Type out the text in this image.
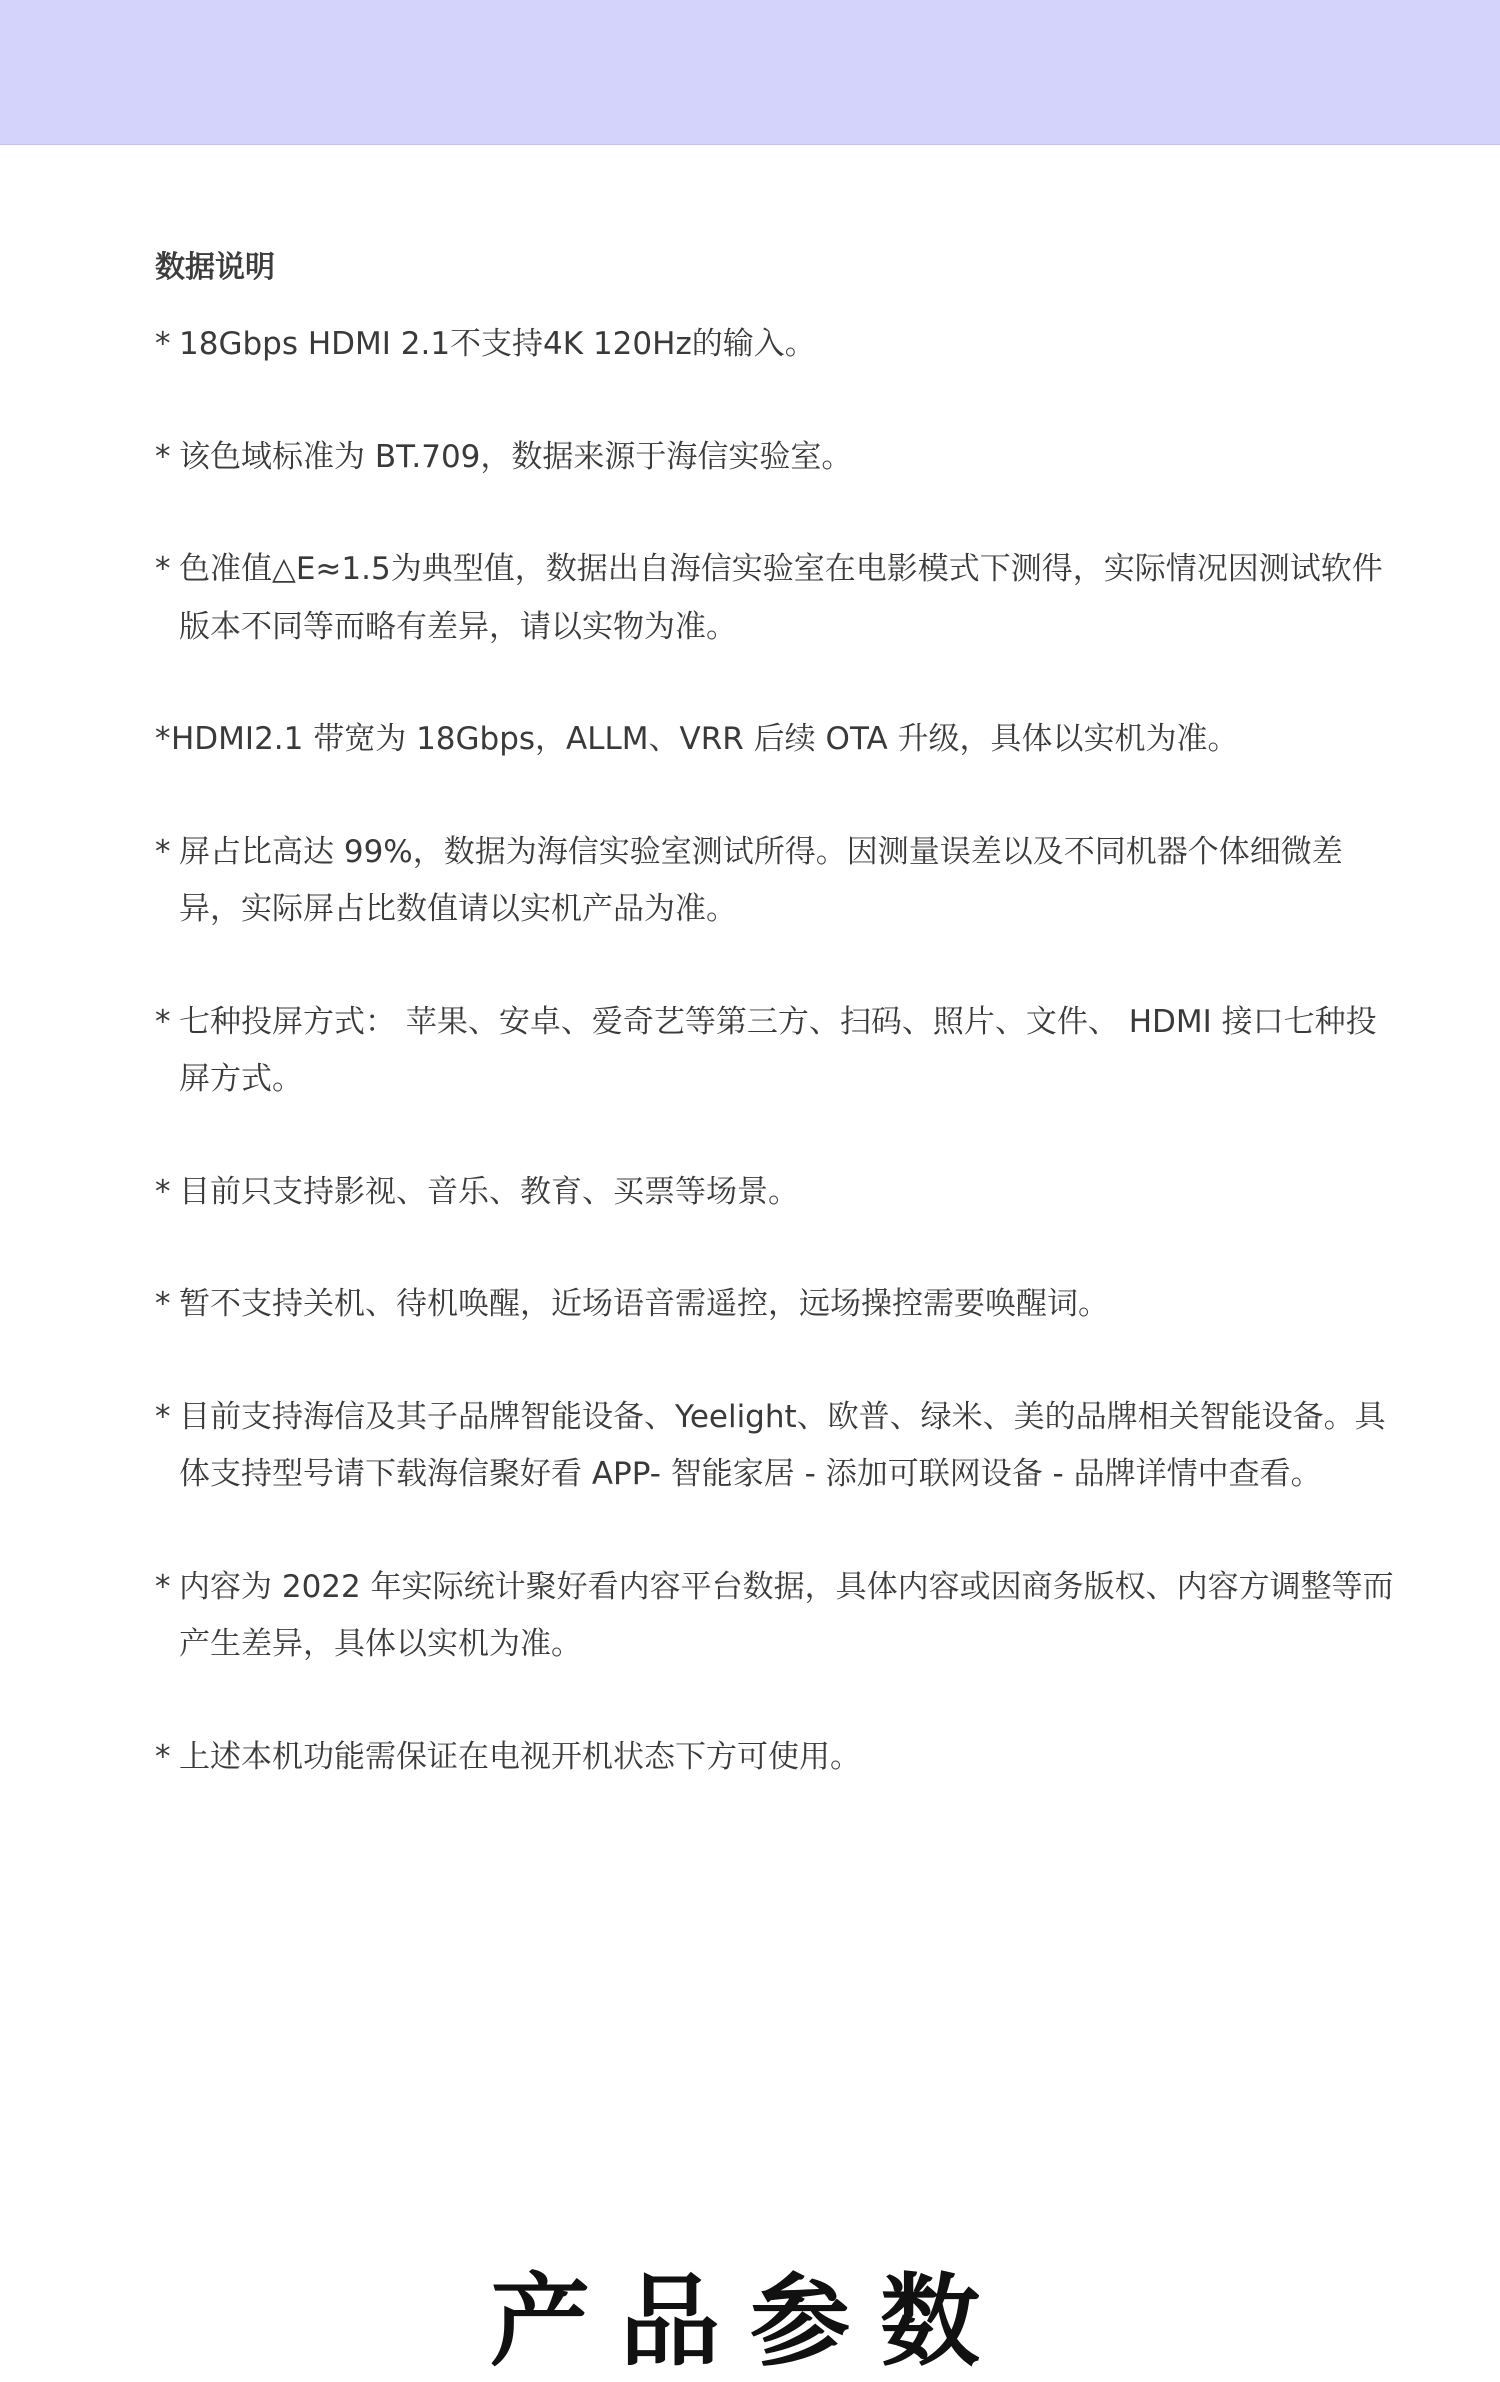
数据说明
*
18Gbps HDMI 2.1不支持4K 120Hz的输入。
*
该色域标准为 BT.709，数据来源于海信实验室。
*
色准值△E≈1.5为典型值，数据出自海信实验室在电影模式下测得，实际情况因测试软件版本不同等而略有差异，请以实物为准。
* HDMI2.1 带宽为 18Gbps，ALLM、VRR 后续 OTA 升级，具体以实机为准。
*
屏占比高达 99%，数据为海信实验室测试所得。因测量误差以及不同机器个体细微差异，实际屏占比数值请以实机产品为准。
*
七种投屏方式： 苹果、安卓、爱奇艺等第三方、扫码、照片、文件、 HDMI 接口七种投屏方式。
*
目前只支持影视、音乐、教育、买票等场景。
*
暂不支持关机、待机唤醒，近场语音需遥控，远场操控需要唤醒词。
*
目前支持海信及其子品牌智能设备、Yeelight、欧普、绿米、美的品牌相关智能设备。具体支持型号请下载海信聚好看 APP- 智能家居 - 添加可联网设备 - 品牌详情中查看。
*
内容为 2022 年实际统计聚好看内容平台数据，具体内容或因商务版权、内容方调整等而产生差异，具体以实机为准。
*
上述本机功能需保证在电视开机状态下方可使用。
产品参数
